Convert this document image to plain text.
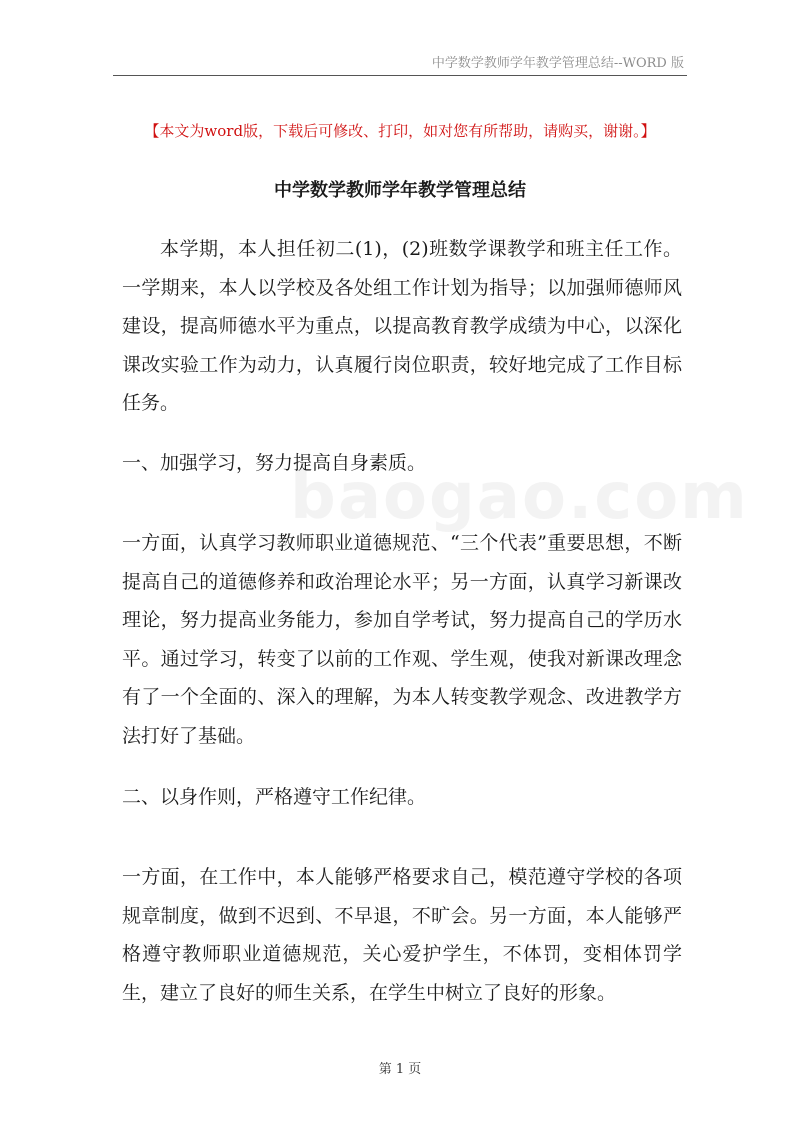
中学数学教师学年教学管理总结--WORD 版
baogao.com
【本文为word版，下载后可修改、打印，如对您有所帮助，请购买，谢谢。】
中学数学教师学年教学管理总结
本学期，本人担任初二(1)，(2)班数学课教学和班主任工作。一学期来，本人以学校及各处组工作计划为指导；以加强师德师风建设，提高师德水平为重点，以提高教育教学成绩为中心，以深化课改实验工作为动力，认真履行岗位职责，较好地完成了工作目标任务。
一、加强学习，努力提高自身素质。
一方面，认真学习教师职业道德规范、“三个代表”重要思想，不断提高自己的道德修养和政治理论水平；另一方面，认真学习新课改理论，努力提高业务能力，参加自学考试，努力提高自己的学历水平。通过学习，转变了以前的工作观、学生观，使我对新课改理念有了一个全面的、深入的理解，为本人转变教学观念、改进教学方法打好了基础。
二、以身作则，严格遵守工作纪律。
一方面，在工作中，本人能够严格要求自己，模范遵守学校的各项规章制度，做到不迟到、不早退，不旷会。另一方面，本人能够严格遵守教师职业道德规范，关心爱护学生，不体罚，变相体罚学生，建立了良好的师生关系，在学生中树立了良好的形象。
第 1 页
